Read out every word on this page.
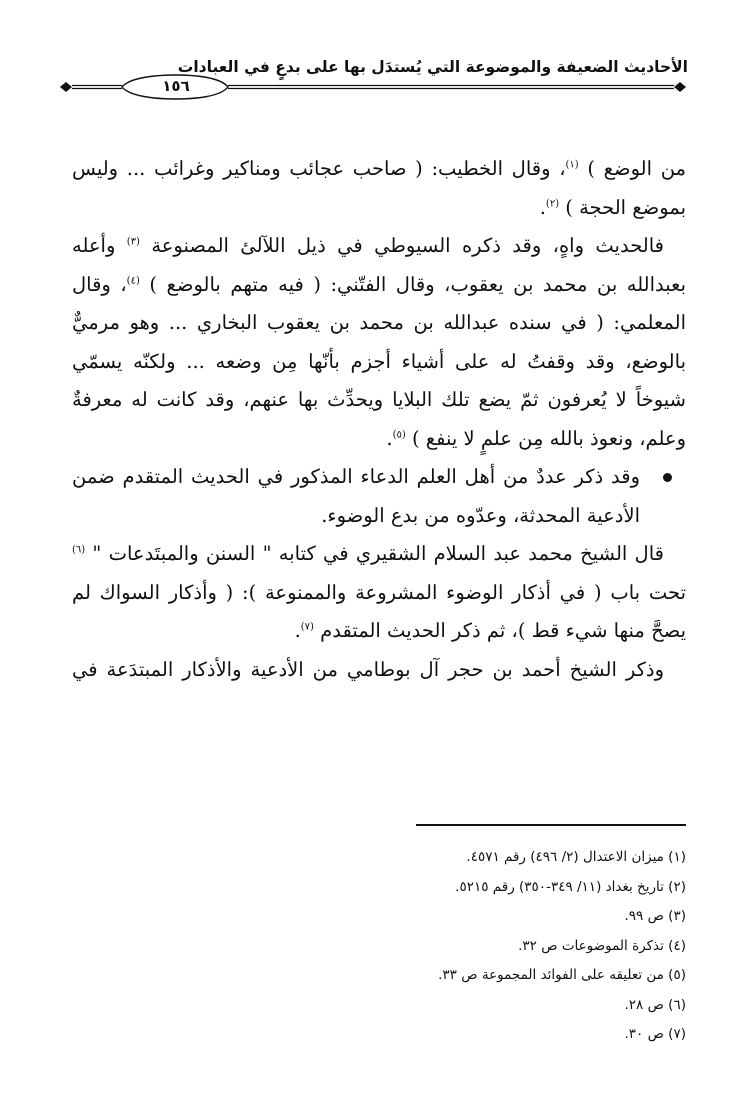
الأحاديث الضعيفة والموضوعة التي يُستدَل بها على بدعٍ في العبادات
١٥٦

من الوضع ) $^{(١)}$، وقال الخطيب: ( صاحب عجائب ومناكير وغرائب ... وليس بموضع الحجة ) $^{(٢)}$.

فالحديث واهٍ، وقد ذكره السيوطي في ذيل اللآلئ المصنوعة $^{(٣)}$ وأعله بعبدالله بن محمد بن يعقوب، وقال الفتّني: ( فيه متهم بالوضع ) $^{(٤)}$، وقال المعلمي: ( في سنده عبدالله بن محمد بن يعقوب البخاري ... وهو مرميٌّ بالوضع، وقد وقفتُ له على أشياء أجزم بأنّها مِن وضعه ... ولكنّه يسمّي شيوخاً لا يُعرفون ثمّ يضع تلك البلايا ويحدِّث بها عنهم، وقد كانت له معرفةٌ وعلم، ونعوذ بالله مِن علمٍ لا ينفع ) $^{(٥)}$.

وقد ذكر عددٌ من أهل العلم الدعاء المذكور في الحديث المتقدم ضمن الأدعية المحدثة، وعدّوه من بدع الوضوء.

قال الشيخ محمد عبد السلام الشقيري في كتابه " السنن والمبتَدعات " $^{(٦)}$ تحت باب ( في أذكار الوضوء المشروعة والممنوعة ): ( وأذكار السواك لم يصحَّ منها شيء قط )، ثم ذكر الحديث المتقدم $^{(٧)}$.

وذكر الشيخ أحمد بن حجر آل بوطامي من الأدعية والأذكار المبتدَعة في

(١) ميزان الاعتدال (٢/ ٤٩٦) رقم ٤٥٧١.
(٢) تاريخ بغداد (١١/ ٣٤٩-٣٥٠) رقم ٥٢١٥.
(٣) ص ٩٩.
(٤) تذكرة الموضوعات ص ٣٢.
(٥) من تعليقه على الفوائد المجموعة ص ٣٣.
(٦) ص ٢٨.
(٧) ص ٣٠.
